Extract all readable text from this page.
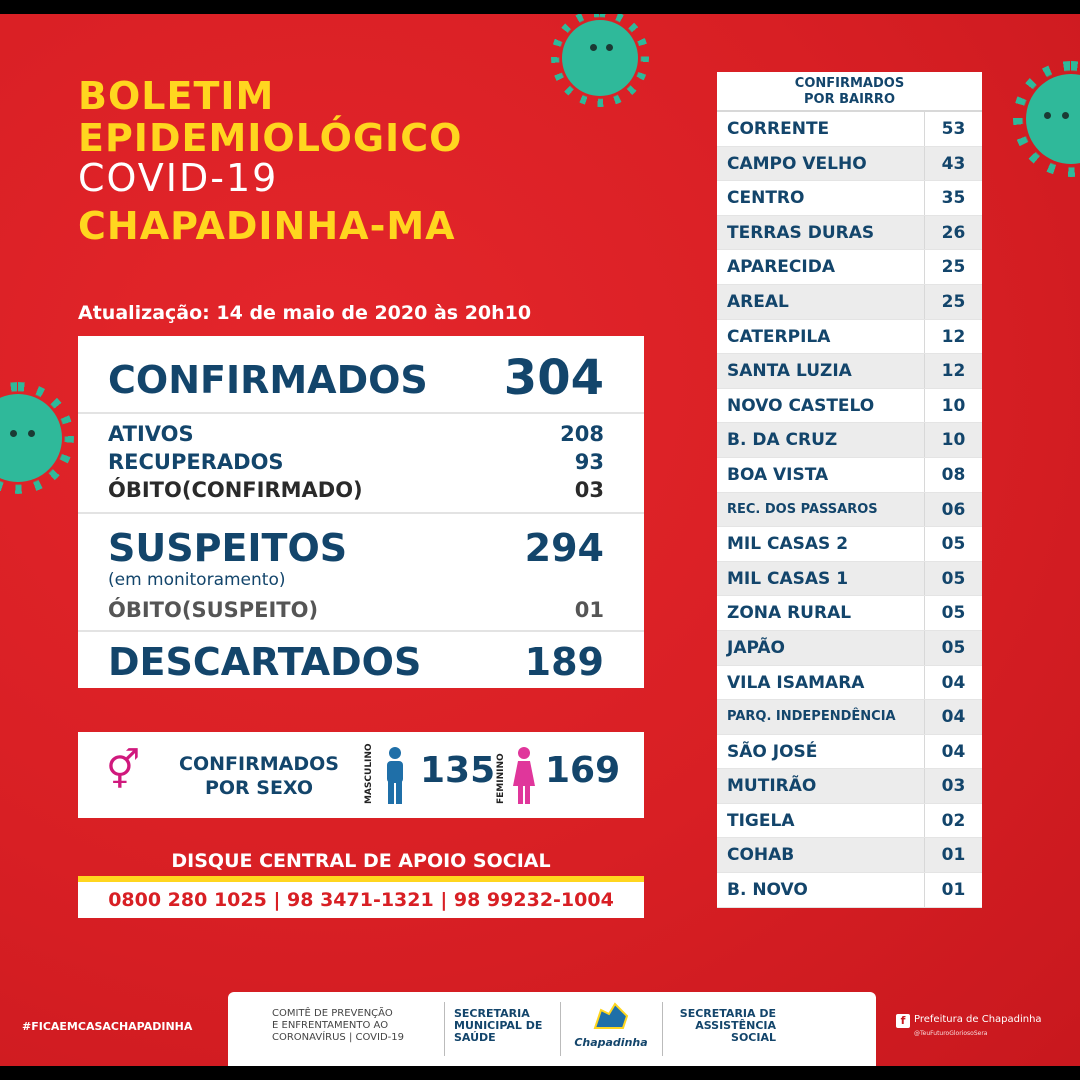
BOLETIM
EPIDEMIOLÓGICO
COVID-19
CHAPADINHA-MA
Atualização: 14 de maio de 2020 às 20h10
CONFIRMADOS 304
ATIVOS	208
RECUPERADOS	93
ÓBITO(CONFIRMADO)	03
SUSPEITOS	294
(em monitoramento)
ÓBITO(SUSPEITO)	01
DESCARTADOS	189
⚥	CONFIRMADOS
POR SEXO	MASCULINO 135 FEMININO 169
DISQUE CENTRAL DE APOIO SOCIAL
0800 280 1025 | 98 3471-1321 | 98 99232-1004
CONFIRMADOS
POR BAIRRO
CORRENTE	53
CAMPO VELHO	43
CENTRO	35
TERRAS DURAS	26
APARECIDA	25
AREAL	25
CATERPILA	12
SANTA LUZIA	12
NOVO CASTELO	10
B. DA CRUZ	10
BOA VISTA	08
REC. DOS PASSAROS	06
MIL CASAS 2	05
MIL CASAS 1	05
ZONA RURAL	05
JAPÃO	05
VILA ISAMARA	04
PARQ. INDEPENDÊNCIA	04
SÃO JOSÉ	04
MUTIRÃO	03
TIGELA	02
COHAB	01
B. NOVO	01
#FICAEMCASACHAPADINHA
COMITÊ DE PREVENÇÃO
E ENFRENTAMENTO AO
CORONAVÍRUS | COVID-19
SECRETARIA
MUNICIPAL DE
SAÚDE	Chapadinha
SECRETARIA DE
ASSISTÊNCIA
SOCIAL
f Prefeitura de Chapadinha
@TeuFuturoGloriosoSera
